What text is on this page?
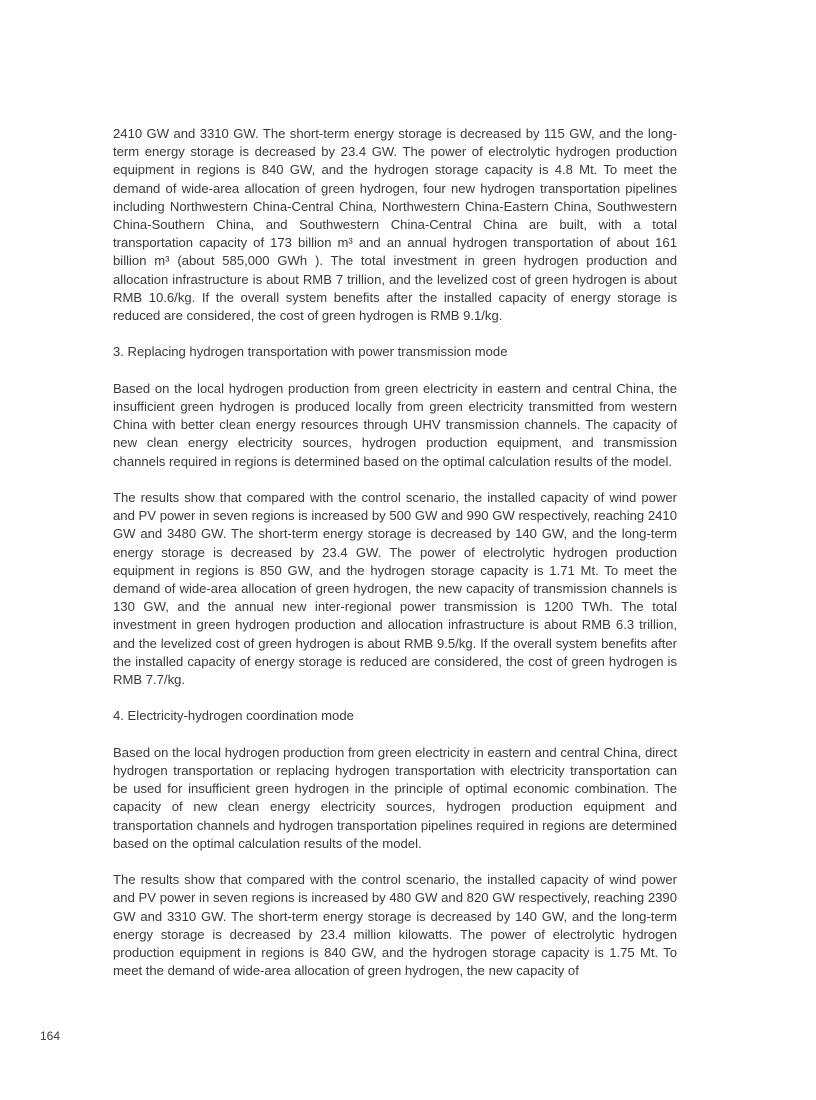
2410 GW and 3310 GW. The short-term energy storage is decreased by 115 GW, and the long-term energy storage is decreased by 23.4 GW. The power of electrolytic hydrogen production equipment in regions is 840 GW, and the hydrogen storage capacity is 4.8 Mt. To meet the demand of wide-area allocation of green hydrogen, four new hydrogen transportation pipelines including Northwestern China-Central China, Northwestern China-Eastern China, Southwestern China-Southern China, and Southwestern China-Central China are built, with a total transportation capacity of 173 billion m³ and an annual hydrogen transportation of about 161 billion m³ (about 585,000 GWh ). The total investment in green hydrogen production and allocation infrastructure is about RMB 7 trillion, and the levelized cost of green hydrogen is about RMB 10.6/kg. If the overall system benefits after the installed capacity of energy storage is reduced are considered, the cost of green hydrogen is RMB 9.1/kg.

3. Replacing hydrogen transportation with power transmission mode

Based on the local hydrogen production from green electricity in eastern and central China, the insufficient green hydrogen is produced locally from green electricity transmitted from western China with better clean energy resources through UHV transmission channels. The capacity of new clean energy electricity sources, hydrogen production equipment, and transmission channels required in regions is determined based on the optimal calculation results of the model.

The results show that compared with the control scenario, the installed capacity of wind power and PV power in seven regions is increased by 500 GW and 990 GW respectively, reaching 2410 GW and 3480 GW. The short-term energy storage is decreased by 140 GW, and the long-term energy storage is decreased by 23.4 GW. The power of electrolytic hydrogen production equipment in regions is 850 GW, and the hydrogen storage capacity is 1.71 Mt. To meet the demand of wide-area allocation of green hydrogen, the new capacity of transmission channels is 130 GW, and the annual new inter-regional power transmission is 1200 TWh. The total investment in green hydrogen production and allocation infrastructure is about RMB 6.3 trillion, and the levelized cost of green hydrogen is about RMB 9.5/kg. If the overall system benefits after the installed capacity of energy storage is reduced are considered, the cost of green hydrogen is RMB 7.7/kg.

4. Electricity-hydrogen coordination mode

Based on the local hydrogen production from green electricity in eastern and central China, direct hydrogen transportation or replacing hydrogen transportation with electricity transportation can be used for insufficient green hydrogen in the principle of optimal economic combination. The capacity of new clean energy electricity sources, hydrogen production equipment and transportation channels and hydrogen transportation pipelines required in regions are determined based on the optimal calculation results of the model.

The results show that compared with the control scenario, the installed capacity of wind power and PV power in seven regions is increased by 480 GW and 820 GW respectively, reaching 2390 GW and 3310 GW. The short-term energy storage is decreased by 140 GW, and the long-term energy storage is decreased by 23.4 million kilowatts. The power of electrolytic hydrogen production equipment in regions is 840 GW, and the hydrogen storage capacity is 1.75 Mt. To meet the demand of wide-area allocation of green hydrogen, the new capacity of

164
